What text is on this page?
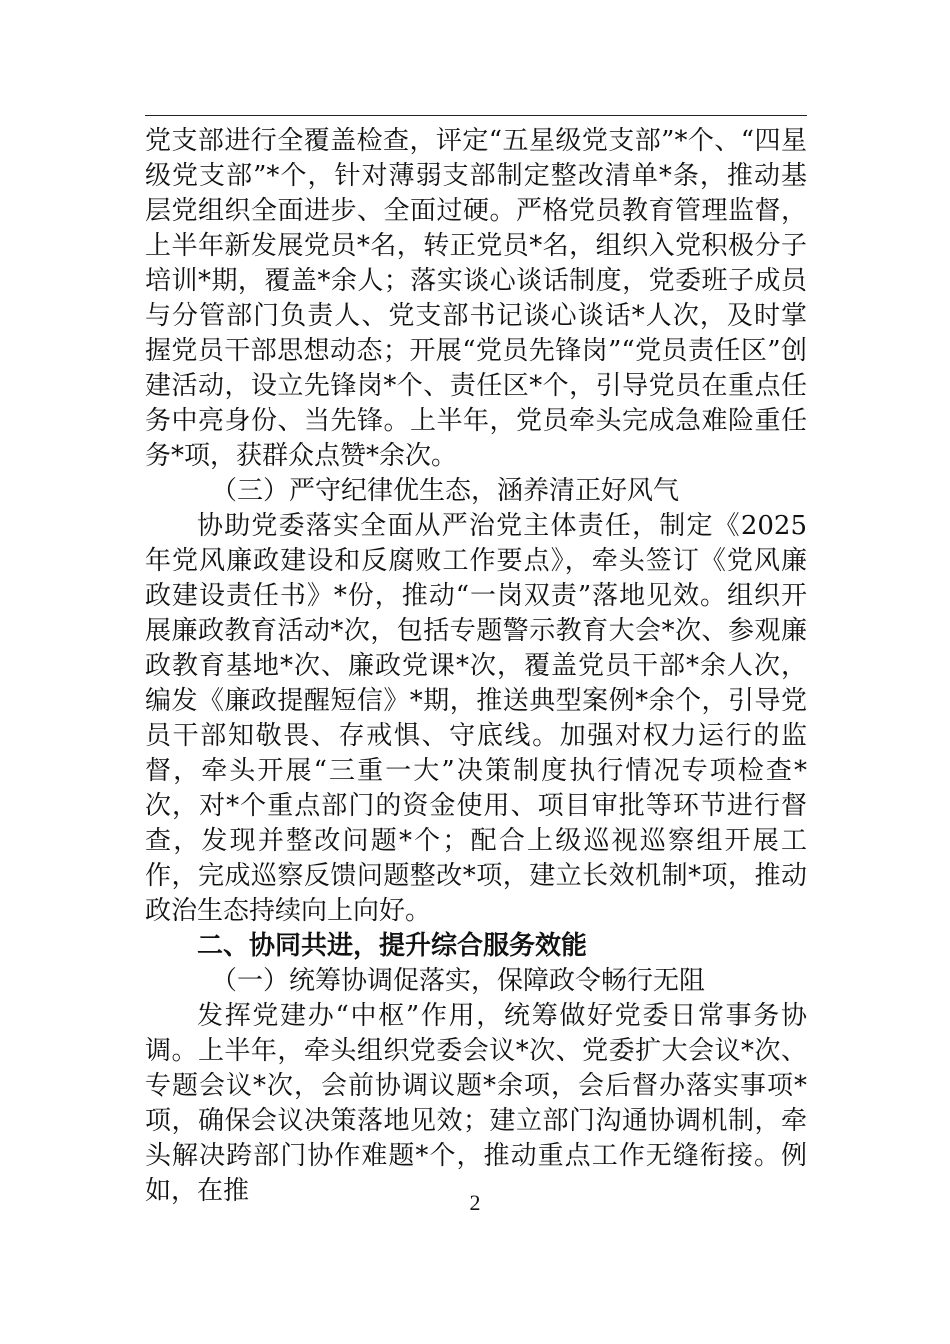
党支部进行全覆盖检查，评定“五星级党支部”*个、“四星级党支部”*个，针对薄弱支部制定整改清单*条，推动基层党组织全面进步、全面过硬。严格党员教育管理监督，上半年新发展党员*名，转正党员*名，组织入党积极分子培训*期，覆盖*余人；落实谈心谈话制度，党委班子成员与分管部门负责人、党支部书记谈心谈话*人次，及时掌握党员干部思想动态；开展“党员先锋岗”“党员责任区”创建活动，设立先锋岗*个、责任区*个，引导党员在重点任务中亮身份、当先锋。上半年，党员牵头完成急难险重任务*项，获群众点赞*余次。

（三）严守纪律优生态，涵养清正好风气

协助党委落实全面从严治党主体责任，制定《2025年党风廉政建设和反腐败工作要点》，牵头签订《党风廉政建设责任书》*份，推动“一岗双责”落地见效。组织开展廉政教育活动*次，包括专题警示教育大会*次、参观廉政教育基地*次、廉政党课*次，覆盖党员干部*余人次，编发《廉政提醒短信》*期，推送典型案例*余个，引导党员干部知敬畏、存戒惧、守底线。加强对权力运行的监督，牵头开展“三重一大”决策制度执行情况专项检查*次，对*个重点部门的资金使用、项目审批等环节进行督查，发现并整改问题*个；配合上级巡视巡察组开展工作，完成巡察反馈问题整改*项，建立长效机制*项，推动政治生态持续向上向好。

二、协同共进，提升综合服务效能

（一）统筹协调促落实，保障政令畅行无阻

发挥党建办“中枢”作用，统筹做好党委日常事务协调。上半年，牵头组织党委会议*次、党委扩大会议*次、专题会议*次，会前协调议题*余项，会后督办落实事项*项，确保会议决策落地见效；建立部门沟通协调机制，牵头解决跨部门协作难题*个，推动重点工作无缝衔接。例如，在推	2
